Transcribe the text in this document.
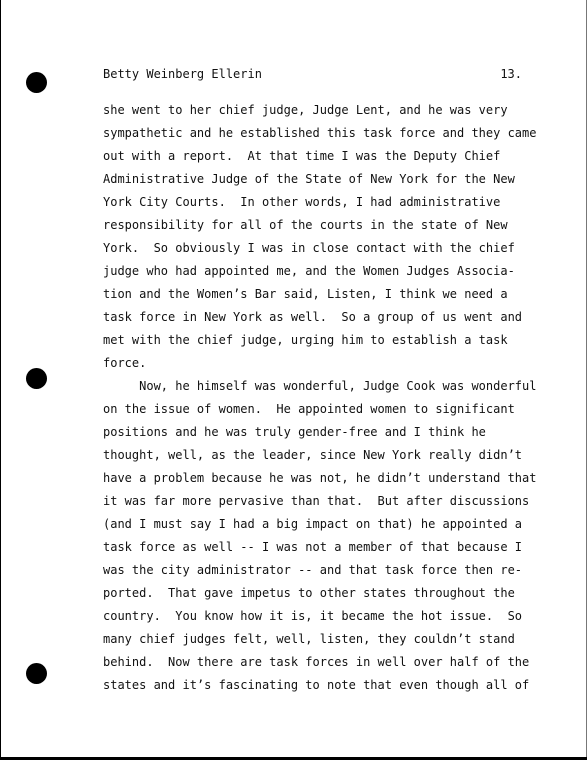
Betty Weinberg Ellerin	13.
she went to her chief judge, Judge Lent, and he was very
sympathetic and he established this task force and they came
out with a report.  At that time I was the Deputy Chief
Administrative Judge of the State of New York for the New
York City Courts.  In other words, I had administrative
responsibility for all of the courts in the state of New
York.  So obviously I was in close contact with the chief
judge who had appointed me, and the Women Judges Associa-
tion and the Women’s Bar said, Listen, I think we need a
task force in New York as well.  So a group of us went and
met with the chief judge, urging him to establish a task
force.
Now, he himself was wonderful, Judge Cook was wonderful
on the issue of women.  He appointed women to significant
positions and he was truly gender-free and I think he
thought, well, as the leader, since New York really didn’t
have a problem because he was not, he didn’t understand that
it was far more pervasive than that.  But after discussions
(and I must say I had a big impact on that) he appointed a
task force as well -- I was not a member of that because I
was the city administrator -- and that task force then re-
ported.  That gave impetus to other states throughout the
country.  You know how it is, it became the hot issue.  So
many chief judges felt, well, listen, they couldn’t stand
behind.  Now there are task forces in well over half of the
states and it’s fascinating to note that even though all of
